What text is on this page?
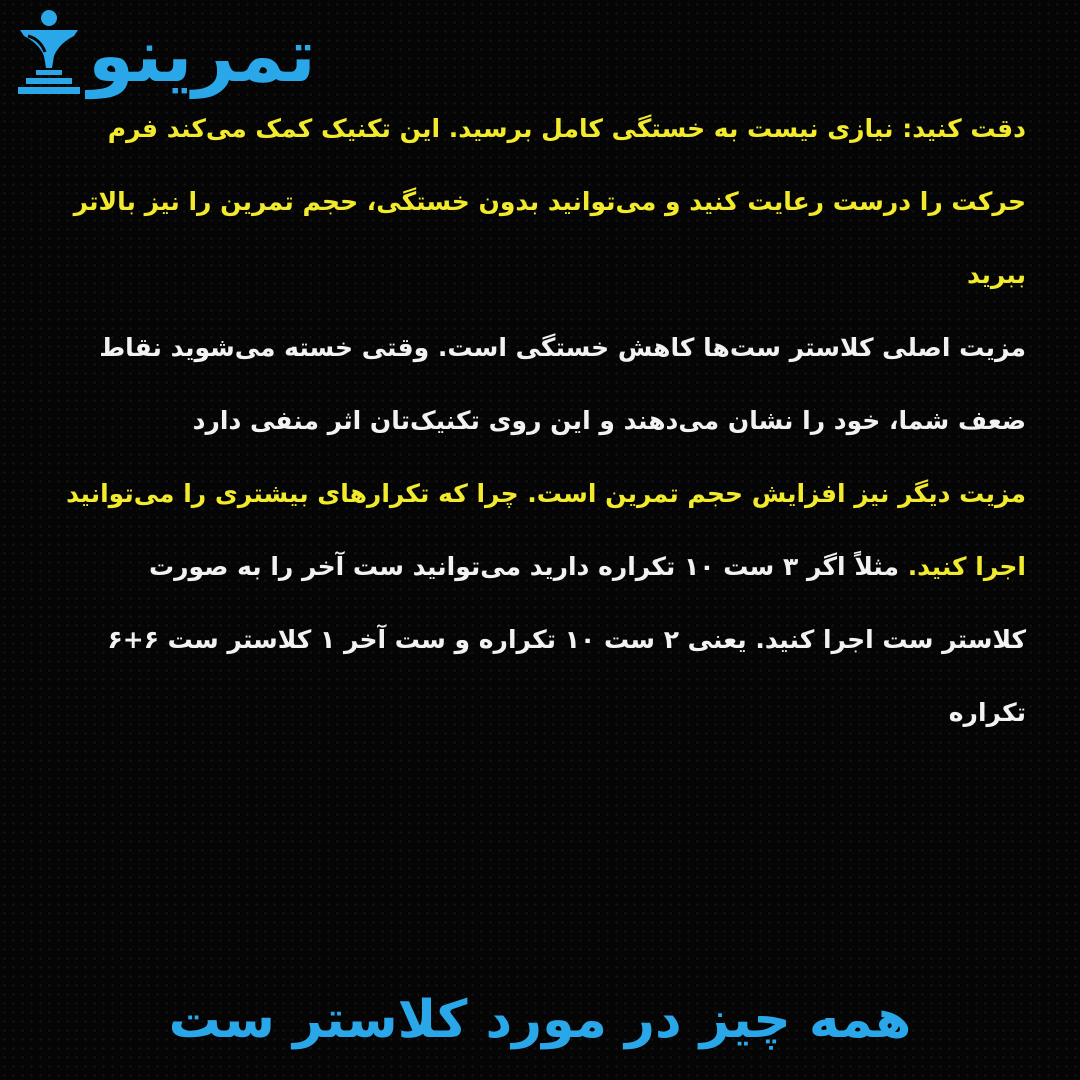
تمرینو

دقت کنید: نیازی نیست به خستگی کامل برسید. این تکنیک کمک می‌کند فرم حرکت را درست رعایت کنید و می‌توانید بدون خستگی، حجم تمرین را نیز بالاتر ببرید

مزیت اصلی کلاستر ست‌ها کاهش خستگی است. وقتی خسته می‌شوید نقاط ضعف شما، خود را نشان می‌دهند و این روی تکنیک‌تان اثر منفی دارد

مزیت دیگر نیز افزایش حجم تمرین است. چرا که تکرارهای بیشتری را می‌توانید اجرا کنید. مثلاً اگر ۳ ست ۱۰ تکراره دارید می‌توانید ست آخر را به صورت کلاستر ست اجرا کنید. یعنی ۲ ست ۱۰ تکراره و ست آخر ۱ کلاستر ست ۶+۶ تکراره

همه چیز در مورد کلاستر ست
